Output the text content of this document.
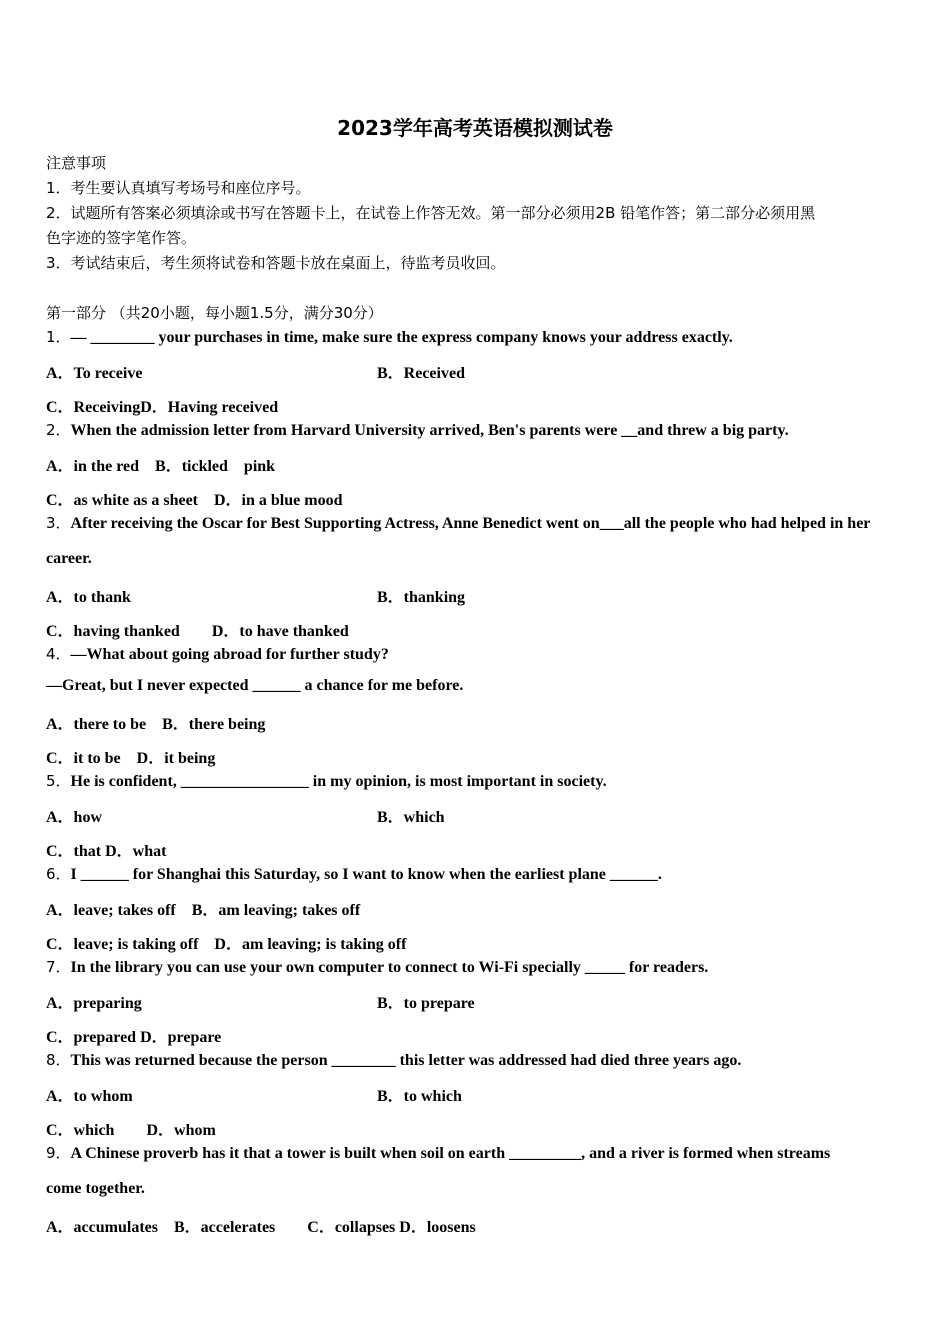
2023学年高考英语模拟测试卷
注意事项
1．考生要认真填写考场号和座位序号。
2．试题所有答案必须填涂或书写在答题卡上，在试卷上作答无效。第一部分必须用2B 铅笔作答；第二部分必须用黑
色字迹的签字笔作答。
3．考试结束后，考生须将试卷和答题卡放在桌面上，待监考员收回。
第一部分 （共20小题，每小题1.5分，满分30分）
1．— ________ your purchases in time, make sure the express company knows your address exactly.
A．To receive	B．Received
C．ReceivingD．Having received
2．When the admission letter from Harvard University arrived, Ben's parents were __and threw a big party.
A．in the red　B．tickled　pink
C．as white as a sheet　D．in a blue mood
3．After receiving the Oscar for Best Supporting Actress, Anne Benedict went on___all the people who had helped in her
career.
A．to thank	B．thanking
C．having thanked　　D．to have thanked
4．—What about going abroad for further study?
—Great, but I never expected ______ a chance for me before.
A．there to be　B．there being
C．it to be　D．it being
5．He is confident, ________________ in my opinion, is most important in society.
A．how	B．which
C．that D．what
6．I ______ for Shanghai this Saturday, so I want to know when the earliest plane ______.
A．leave; takes off　B．am leaving; takes off
C．leave; is taking off　D．am leaving; is taking off
7．In the library you can use your own computer to connect to Wi-Fi specially _____ for readers.
A．preparing	B．to prepare
C．prepared D．prepare
8．This was returned because the person ________ this letter was addressed had died three years ago.
A．to whom	B．to which
C．which　　D．whom
9．A Chinese proverb has it that a tower is built when soil on earth _________, and a river is formed when streams
come together.
A．accumulates　B．accelerates　　C．collapses D．loosens
